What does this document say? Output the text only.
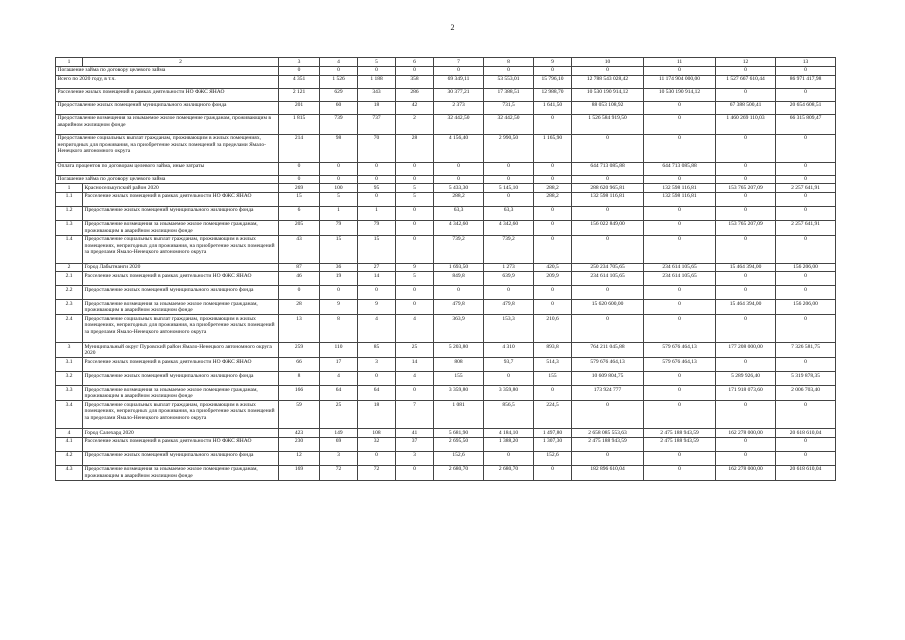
2
1	2	3	4	5	6	7	8	9	10	11	12	13
Погашение займа по договору целевого займа		0	0	0	0	0	0	0	0	0	0	0
Всего по 2020 году, в т.ч.		4 351	1 526	1 188	358	69 349,11	53 553,01	15 796,10	12 788 543 028,42	11 174 904 000,00	1 527 667 610,44	86 971 417,98
Расселение жилых помещений в рамках деятельности НО ФЖС ЯНАО		2 121	629	343	286	30 377,21	17 388,51	12 988,70	10 530 190 914,12	10 530 190 914,12	0	0
Предоставление жилых помещений муниципального жилищного фонда		201	60	18	42	2 373	731,5	1 641,50	88 053 108,92	0	67 388 500,41	20 654 608,51
Предоставление возмещения за изымаемое жилое помещение гражданам, проживающим в аварийном жилищном фонде		1 815	739	737	2	32 442,50	32 442,50	0	1 526 584 919,50	0	1 460 269 110,03	66 315 809,47
Предоставление социальных выплат гражданам, проживающим в жилых помещениях, непригодных для проживания, на приобретение жилых помещений за пределами Ямало-Ненецкого автономного округа		214	98	70	28	4 156,40	2 990,50	1 165,90	0	0	0	0
Оплата процентов по договорам целевого займа, иные затраты		0	0	0	0	0	0	0	644 713 085,88	644 713 085,88	0	0
Погашение займа по договору целевого займа		0	0	0	0	0	0	0	0	0	0	0
1	Красноселькупский район 2020	269	100	95	5	5 433,30	5 145,10	288,2	288 620 965,81	132 598 116,81	153 765 207,09	2 257 641,91
1.1	Расселение жилых помещений в рамках деятельности НО ФЖС ЯНАО	15	5	0	5	288,2	0	288,2	132 598 116,81	132 598 116,81	0	0
1.2	Предоставление жилых помещений муниципального жилищного фонда	6	1	1	0	63,3	63,3	0	0	0	0	0
1.3	Предоставление возмещения за изымаемое жилое помещение гражданам, проживающим в аварийном жилищном фонде	205	79	79	0	4 342,60	4 342,60	0	156 022 849,00	0	153 765 207,09	2 257 641,91
1.4	Предоставление социальных выплат гражданам, проживающим в жилых помещениях, непригодных для проживания, на приобретение жилых помещений за пределами Ямало-Ненецкого автономного округа	43	15	15	0	739,2	739,2	0	0	0	0	0
2	Город Лабытнанги 2020	87	36	27	9	1 693,50	1 273	420,5	250 234 705,65	234 614 105,65	15 464 394,00	156 206,00
2.1	Расселение жилых помещений в рамках деятельности НО ФЖС ЯНАО	46	19	14	5	849,8	639,9	209,9	234 614 105,65	234 614 105,65	0	0
2.2	Предоставление жилых помещений муниципального жилищного фонда	0	0	0	0	0	0	0	0	0	0	0
2.3	Предоставление возмещения за изымаемое жилое помещение гражданам, проживающим в аварийном жилищном фонде	28	9	9	0	479,8	479,8	0	15 620 600,00	0	15 464 394,00	156 206,00
2.4	Предоставление социальных выплат гражданам, проживающим в жилых помещениях, непригодных для проживания, на приобретение жилых помещений за пределами Ямало-Ненецкого автономного округа	13	8	4	4	363,9	153,3	210,6	0	0	0	0
3	Муниципальный округ Пуровский район Ямало-Ненецкого автономного округа 2020	259	110	85	25	5 203,80	4 310	893,8	764 211 045,88	579 676 464,13	177 208 000,00	7 326 581,75
3.1	Расселение жилых помещений в рамках деятельности НО ФЖС ЯНАО	66	17	3	14	808	93,7	514,3	579 676 464,13	579 676 464,13	0	0
3.2	Предоставление жилых помещений муниципального жилищного фонда	8	4	0	4	155	0	155	10 609 804,75	0	5 289 926,40	5 319 878,35
3.3	Предоставление возмещения за изымаемое жилое помещение гражданам, проживающим в аварийном жилищном фонде	166	64	64	0	3 359,80	3 359,80	0	173 924 777	0	171 918 073,60	2 006 703,40
3.4	Предоставление социальных выплат гражданам, проживающим в жилых помещениях, непригодных для проживания, на приобретение жилых помещений за пределами Ямало-Ненецкого автономного округа	59	25	18	7	1 081	856,5	224,5	0	0	0	0
4	Город Салехард 2020	423	149	108	41	5 681,90	4 184,10	1 497,80	2 658 085 553,63	2 475 188 943,59	162 278 000,00	20 618 610,04
4.1	Расселение жилых помещений в рамках деятельности НО ФЖС ЯНАО	230	69	32	37	2 695,50	1 388,20	1 307,30	2 475 188 943,59	2 475 188 943,59	0	0
4.2	Предоставление жилых помещений муниципального жилищного фонда	12	3	0	3	152,6	0	152,6	0	0	0	0
4.3	Предоставление возмещения за изымаемое жилое помещение гражданам, проживающим в аварийном жилищном фонде	169	72	72	0	2 680,70	2 680,70	0	182 896 610,04	0	162 278 000,00	20 618 610,04
